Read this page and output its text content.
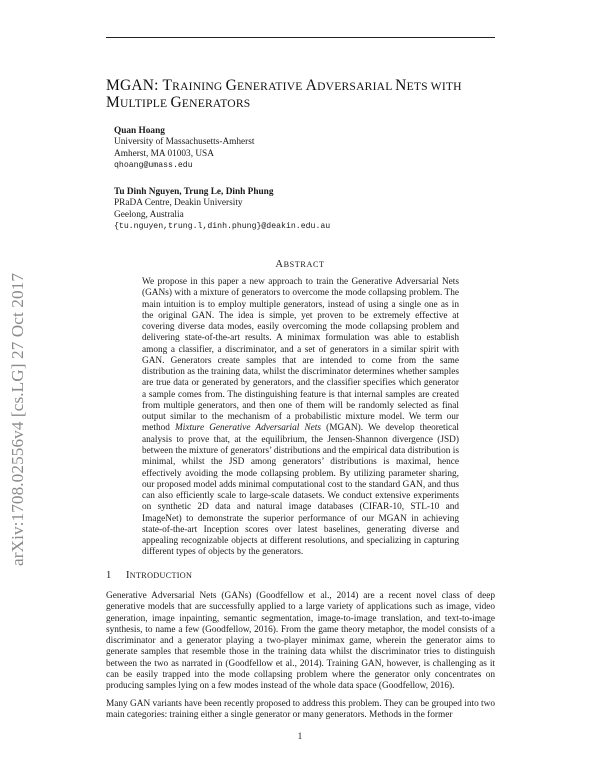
arXiv:1708.02556v4 [cs.LG] 27 Oct 2017
MGAN: TRAINING GENERATIVE ADVERSARIAL NETS WITH
MULTIPLE GENERATORS
Quan Hoang
University of Massachusetts-Amherst
Amherst, MA 01003, USA
qhoang@umass.edu
Tu Dinh Nguyen, Trung Le, Dinh Phung
PRaDA Centre, Deakin University
Geelong, Australia
{tu.nguyen,trung.l,dinh.phung}@deakin.edu.au
ABSTRACT
We propose in this paper a new approach to train the Generative Adversarial Nets (GANs) with a mixture of generators to overcome the mode collapsing problem. The main intuition is to employ multiple generators, instead of using a single one as in the original GAN. The idea is simple, yet proven to be extremely effective at covering diverse data modes, easily overcoming the mode collapsing problem and delivering state-of-the-art results. A minimax formulation was able to establish among a classifier, a discriminator, and a set of generators in a similar spirit with GAN. Generators create samples that are intended to come from the same distribution as the training data, whilst the discriminator determines whether samples are true data or generated by generators, and the classifier specifies which generator a sample comes from. The distinguishing feature is that internal samples are created from multiple generators, and then one of them will be randomly selected as final output similar to the mechanism of a probabilistic mixture model. We term our method Mixture Generative Adversarial Nets (MGAN). We develop theoretical analysis to prove that, at the equilibrium, the Jensen-Shannon divergence (JSD) between the mixture of generators’ distributions and the empirical data distribution is minimal, whilst the JSD among generators’ distributions is maximal, hence effectively avoiding the mode collapsing problem. By utilizing parameter sharing, our proposed model adds minimal computational cost to the standard GAN, and thus can also efficiently scale to large-scale datasets. We conduct extensive experiments on synthetic 2D data and natural image databases (CIFAR-10, STL-10 and ImageNet) to demonstrate the superior performance of our MGAN in achieving state-of-the-art Inception scores over latest baselines, generating diverse and appealing recognizable objects at different resolutions, and specializing in capturing different types of objects by the generators.
1 INTRODUCTION
Generative Adversarial Nets (GANs) (Goodfellow et al., 2014) are a recent novel class of deep generative models that are successfully applied to a large variety of applications such as image, video generation, image inpainting, semantic segmentation, image-to-image translation, and text-to-image synthesis, to name a few (Goodfellow, 2016). From the game theory metaphor, the model consists of a discriminator and a generator playing a two-player minimax game, wherein the generator aims to generate samples that resemble those in the training data whilst the discriminator tries to distinguish between the two as narrated in (Goodfellow et al., 2014). Training GAN, however, is challenging as it can be easily trapped into the mode collapsing problem where the generator only concentrates on producing samples lying on a few modes instead of the whole data space (Goodfellow, 2016).
Many GAN variants have been recently proposed to address this problem. They can be grouped into two main categories: training either a single generator or many generators. Methods in the former
1
